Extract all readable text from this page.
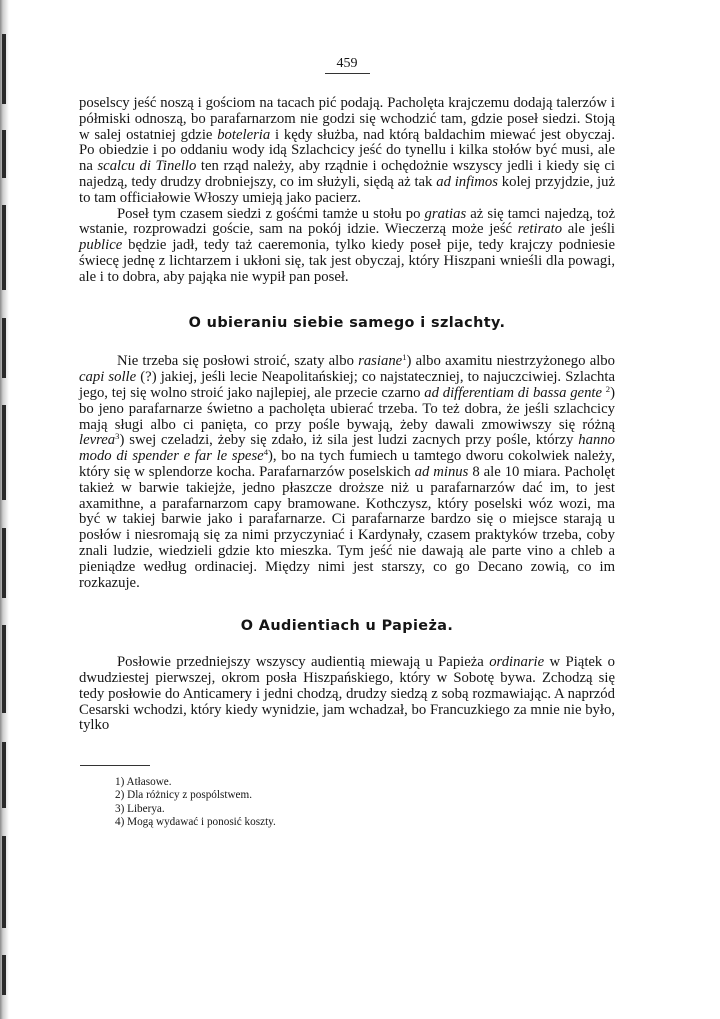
459

poselscy jeść noszą i gościom na tacach pić podają. Pacholęta krajczemu dodają talerzów i półmiski odnoszą, bo parafarnarzom nie godzi się wchodzić tam, gdzie poseł siedzi. Stoją w salej ostatniej gdzie boteleria i kędy służba, nad którą baldachim miewać jest obyczaj. Po obiedzie i po oddaniu wody idą Szlachcicy jeść do tynellu i kilka stołów być musi, ale na scalcu di Tinello ten rząd należy, aby rządnie i ochędożnie wszyscy jedli i kiedy się ci najedzą, tedy drudzy drobniejszy, co im służyli, siędą aż tak ad infimos kolej przyjdzie, już to tam officiałowie Włoszy umieją jako pacierz.

Poseł tym czasem siedzi z gośćmi tamże u stołu po gratias aż się tamci najedzą, toż wstanie, rozprowadzi goście, sam na pokój idzie. Wieczerzą może jeść retirato ale jeśli publice będzie jadł, tedy taż caeremonia, tylko kiedy poseł pije, tedy krajczy podniesie świecę jednę z lichtarzem i ukłoni się, tak jest obyczaj, który Hiszpani wnieśli dla powagi, ale i to dobra, aby pająka nie wypił pan poseł.

O ubieraniu siebie samego i szlachty.

Nie trzeba się posłowi stroić, szaty albo rasiane$^1$) albo axamitu niestrzyżonego albo capi solle (?) jakiej, jeśli lecie Neapolitańskiej; co najstateczniej, to najuczciwiej. Szlachta jego, tej się wolno stroić jako najlepiej, ale przecie czarno ad differentiam di bassa gente $^2$) bo jeno parafarnarze świetno a pacholęta ubierać trzeba. To też dobra, że jeśli szlachcicy mają sługi albo ci panięta, co przy pośle bywają, żeby dawali zmowiwszy się różną levrea$^3$) swej czeladzi, żeby się zdało, iż sila jest ludzi zacnych przy pośle, którzy hanno modo di spender e far le spese$^4$), bo na tych fumiech u tamtego dworu cokolwiek należy, który się w splendorze kocha. Parafarnarzów poselskich ad minus 8 ale 10 miara. Pacholęt takież w barwie takiejże, jedno płaszcze droższe niż u parafarnarzów dać im, to jest axamithne, a parafarnarzom capy bramowane. Kothczysz, który poselski wóz wozi, ma być w takiej barwie jako i parafarnarze. Ci parafarnarze bardzo się o miejsce starają u posłów i niesromają się za nimi przyczyniać i Kardynały, czasem praktyków trzeba, coby znali ludzie, wiedzieli gdzie kto mieszka. Tym jeść nie dawają ale parte vino a chleb a pieniądze według ordinaciej. Między nimi jest starszy, co go Decano zowią, co im rozkazuje.

O Audientiach u Papieża.

Posłowie przedniejszy wszyscy audientią miewają u Papieża ordinarie w Piątek o dwudziestej pierwszej, okrom posła Hiszpańskiego, który w Sobotę bywa. Zchodzą się tedy posłowie do Anticamery i jedni chodzą, drudzy siedzą z sobą rozmawiając. A naprzód Cesarski wchodzi, który kiedy wynidzie, jam wchadzał, bo Francuzkiego za mnie nie było, tylko

1) Atłasowe.
2) Dla różnicy z pospólstwem.
3) Liberya.
4) Mogą wydawać i ponosić koszty.
